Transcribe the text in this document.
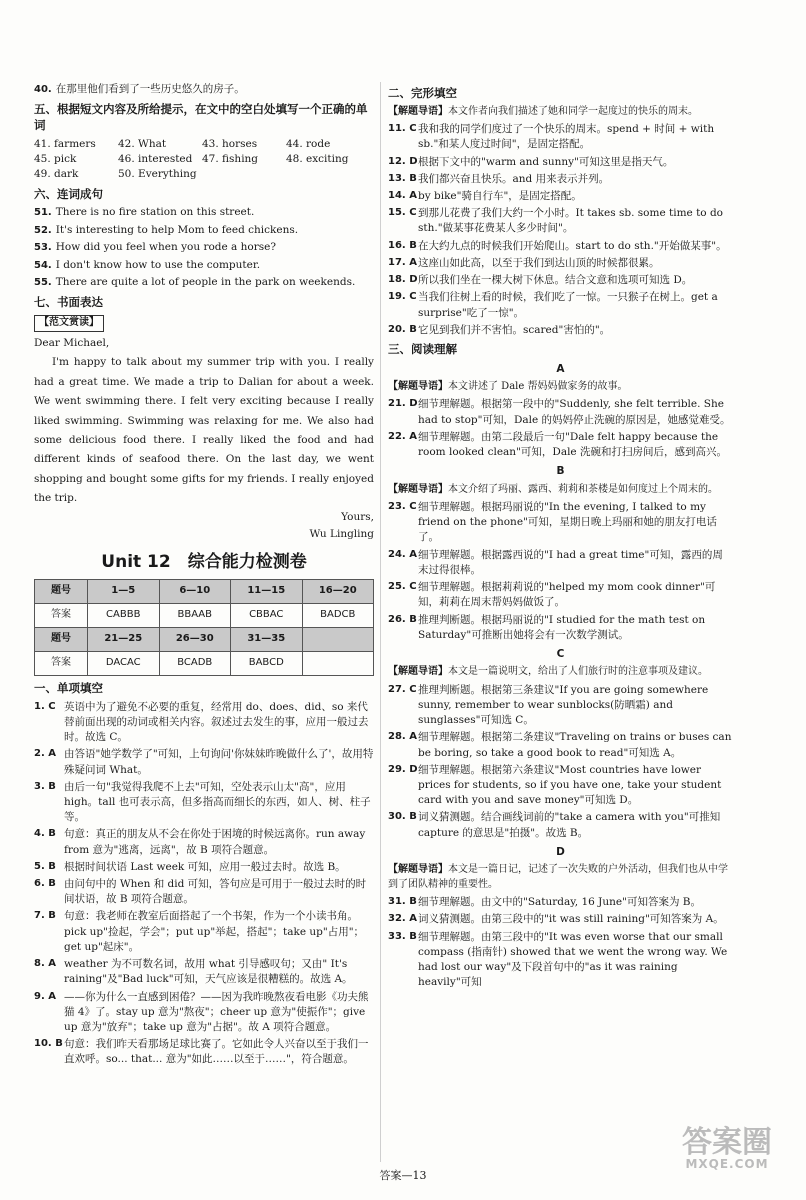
40. 在那里他们看到了一些历史悠久的房子。
五、根据短文内容及所给提示，在文中的空白处填写一个正确的单词
41. farmers	42. What	43. horses	44. rode
45. pick	46. interested 47. fishing	48. exciting
49. dark	50. Everything
六、连词成句
51. There is no fire station on this street.
52. It's interesting to help Mom to feed chickens.
53. How did you feel when you rode a horse?
54. I don't know how to use the computer.
55. There are quite a lot of people in the park on weekends.
七、书面表达
【范文赏读】
Dear Michael,

I'm happy to talk about my summer trip with you. I really had a great time. We made a trip to Dalian for about a week. We went swimming there. I felt very exciting because I really liked swimming. Swimming was relaxing for me. We also had some delicious food there. I really liked the food and had different kinds of seafood there. On the last day, we went shopping and bought some gifts for my friends. I really enjoyed the trip.

Yours,
Wu Lingling
Unit 12　综合能力检测卷
题号	1—5	6—10	11—15	16—20
答案	CABBB	BBAAB	CBBAC	BADCB
题号	21—25	26—30	31—35	
答案	DACAC	BCADB	BABCD	
一、单项填空
1. C 英语中为了避免不必要的重复，经常用 do、does、did、so 来代替前面出现的动词或相关内容。叙述过去发生的事，应用一般过去时。故选 C。
2. A 由答语"她学数学了"可知，上句询问'你妹妹昨晚做什么了'，故用特殊疑问词 What。
3. B 由后一句"我觉得我爬不上去"可知，空处表示山太"高"，应用 high。tall 也可表示高，但多指高而细长的东西，如人、树、柱子等。
4. B 句意：真正的朋友从不会在你处于困境的时候远离你。run away from 意为"逃离，远离"，故 B 项符合题意。
5. B 根据时间状语 Last week 可知，应用一般过去时。故选 B。
6. B 由问句中的 When 和 did 可知，答句应是可用于一般过去时的时间状语，故 B 项符合题意。
7. B 句意：我老师在教室后面搭起了一个书架，作为一个小读书角。pick up"捡起，学会"；put up"举起，搭起"；take up"占用"；get up"起床"。
8. A weather 为不可数名词，故用 what 引导感叹句；又由" It's raining"及"Bad luck"可知，天气应该是很糟糕的。故选 A。
9. A ——你为什么一直感到困倦？——因为我昨晚熬夜看电影《功夫熊猫 4》了。stay up 意为"熬夜"；cheer up 意为"使振作"；give up 意为"放弃"；take up 意为"占据"。故 A 项符合题意。
10. B 句意：我们昨天看那场足球比赛了。它如此令人兴奋以至于我们一直欢呼。so... that... 意为"如此……以至于……"，符合题意。
二、完形填空
【解题导语】本文作者向我们描述了她和同学一起度过的快乐的周末。
11. C 我和我的同学们度过了一个快乐的周末。spend + 时间 + with sb."和某人度过时间"，是固定搭配。
12. D 根据下文中的"warm and sunny"可知这里是指天气。
13. B 我们都兴奋且快乐。and 用来表示并列。
14. A by bike"骑自行车"，是固定搭配。
15. C 到那儿花费了我们大约一个小时。It takes sb. some time to do sth."做某事花费某人多少时间"。
16. B 在大约九点的时候我们开始爬山。start to do sth."开始做某事"。
17. A 这座山如此高，以至于我们到达山顶的时候都很累。
18. D 所以我们坐在一棵大树下休息。结合文意和选项可知选 D。
19. C 当我们往树上看的时候，我们吃了一惊。一只猴子在树上。get a surprise"吃了一惊"。
20. B 它见到我们并不害怕。scared"害怕的"。
三、阅读理解
A
【解题导语】本文讲述了 Dale 帮妈妈做家务的故事。
21. D 细节理解题。根据第一段中的"Suddenly, she felt terrible. She had to stop"可知，Dale 的妈妈停止洗碗的原因是，她感觉难受。
22. A 细节理解题。由第二段最后一句"Dale felt happy because the room looked clean"可知，Dale 洗碗和打扫房间后，感到高兴。
B
【解题导语】本文介绍了玛丽、露西、莉莉和茶楼是如何度过上个周末的。
23. C 细节理解题。根据玛丽说的"In the evening, I talked to my friend on the phone"可知，星期日晚上玛丽和她的朋友打电话了。
24. A 细节理解题。根据露西说的"I had a great time"可知，露西的周末过得很棒。
25. C 细节理解题。根据莉莉说的"helped my mom cook dinner"可知，莉莉在周末帮妈妈做饭了。
26. B 推理判断题。根据玛丽说的"I studied for the math test on Saturday"可推断出她将会有一次数学测试。
C
【解题导语】本文是一篇说明文，给出了人们旅行时的注意事项及建议。
27. C 推理判断题。根据第三条建议"If you are going somewhere sunny, remember to wear sunblocks(防晒霜) and sunglasses"可知选 C。
28. A 细节理解题。根据第二条建议"Traveling on trains or buses can be boring, so take a good book to read"可知选 A。
29. D 细节理解题。根据第六条建议"Most countries have lower prices for students, so if you have one, take your student card with you and save money"可知选 D。
30. B 词义猜测题。结合画线词前的"take a camera with you"可推知 capture 的意思是"拍摄"。故选 B。
D
【解题导语】本文是一篇日记，记述了一次失败的户外活动，但我们也从中学到了团队精神的重要性。
31. B 细节理解题。由文中的"Saturday, 16 June"可知答案为 B。
32. A 词义猜测题。由第三段中的"it was still raining"可知答案为 A。
33. B 细节理解题。由第三段中的"It was even worse that our small compass (指南针) showed that we went the wrong way. We had lost our way"及下段首句中的"as it was raining heavily"可知
答案—13
答案圈
MXQE.COM
